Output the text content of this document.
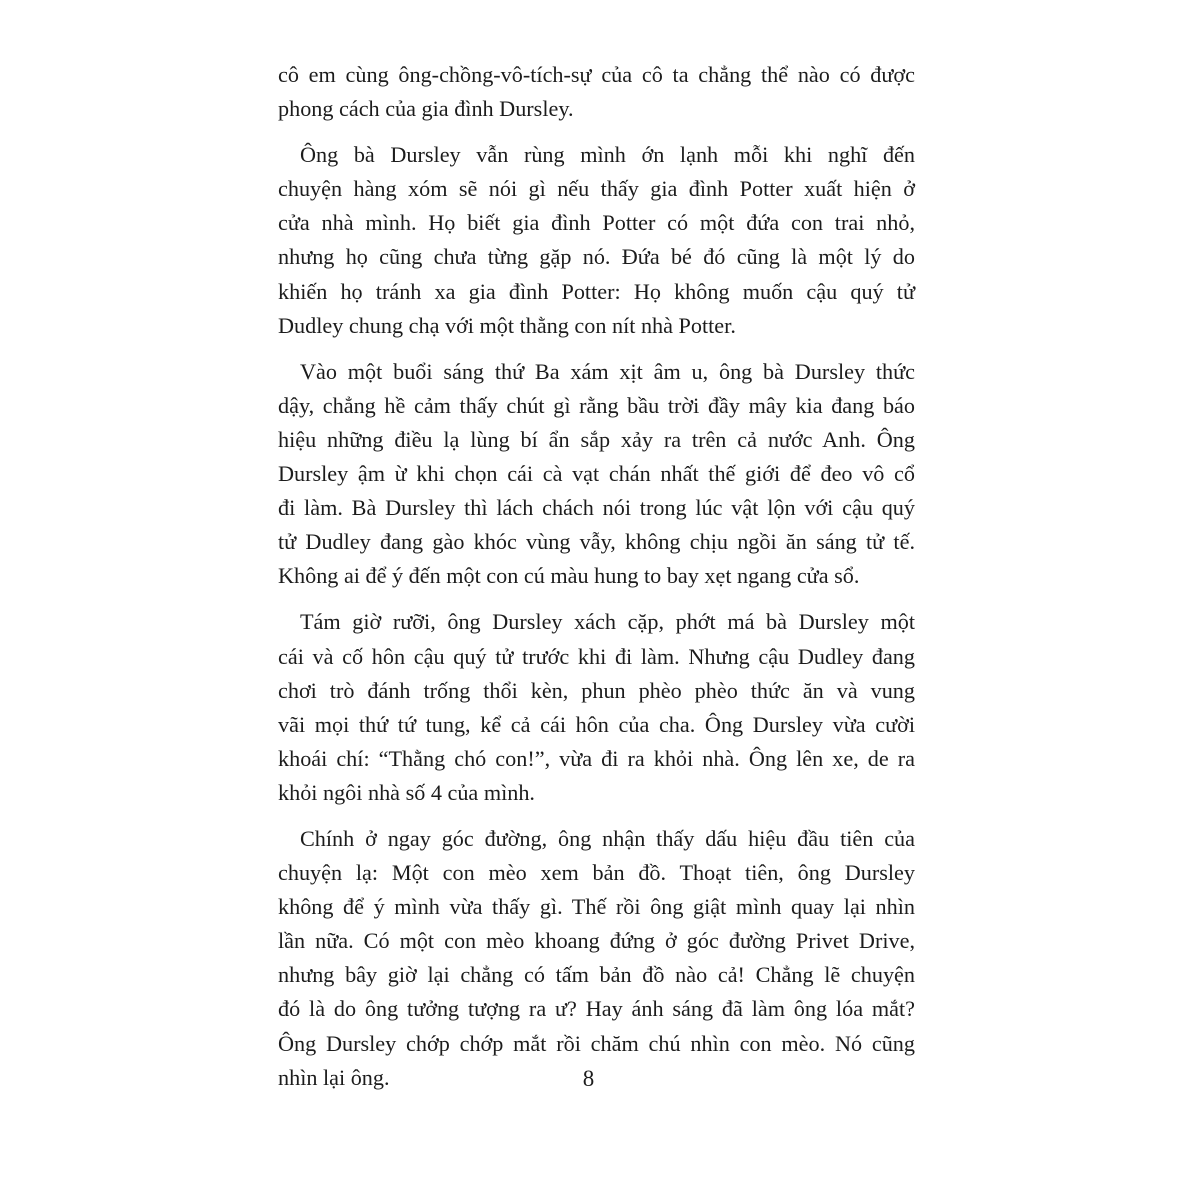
cô em cùng ông-chồng-vô-tích-sự của cô ta chẳng thể nào có được
phong cách của gia đình Dursley.
Ông bà Dursley vẫn rùng mình ớn lạnh mỗi khi nghĩ đến
chuyện hàng xóm sẽ nói gì nếu thấy gia đình Potter xuất hiện ở
cửa nhà mình. Họ biết gia đình Potter có một đứa con trai nhỏ,
nhưng họ cũng chưa từng gặp nó. Đứa bé đó cũng là một lý do
khiến họ tránh xa gia đình Potter: Họ không muốn cậu quý tử
Dudley chung chạ với một thằng con nít nhà Potter.
Vào một buổi sáng thứ Ba xám xịt âm u, ông bà Dursley thức
dậy, chẳng hề cảm thấy chút gì rằng bầu trời đầy mây kia đang báo
hiệu những điều lạ lùng bí ẩn sắp xảy ra trên cả nước Anh. Ông
Dursley ậm ừ khi chọn cái cà vạt chán nhất thế giới để đeo vô cổ
đi làm. Bà Dursley thì lách chách nói trong lúc vật lộn với cậu quý
tử Dudley đang gào khóc vùng vẫy, không chịu ngồi ăn sáng tử tế.
Không ai để ý đến một con cú màu hung to bay xẹt ngang cửa sổ.
Tám giờ rưỡi, ông Dursley xách cặp, phớt má bà Dursley một
cái và cố hôn cậu quý tử trước khi đi làm. Nhưng cậu Dudley đang
chơi trò đánh trống thổi kèn, phun phèo phèo thức ăn và vung
vãi mọi thứ tứ tung, kể cả cái hôn của cha. Ông Dursley vừa cười
khoái chí: “Thằng chó con!”, vừa đi ra khỏi nhà. Ông lên xe, de ra
khỏi ngôi nhà số 4 của mình.
Chính ở ngay góc đường, ông nhận thấy dấu hiệu đầu tiên của
chuyện lạ: Một con mèo xem bản đồ. Thoạt tiên, ông Dursley
không để ý mình vừa thấy gì. Thế rồi ông giật mình quay lại nhìn
lần nữa. Có một con mèo khoang đứng ở góc đường Privet Drive,
nhưng bây giờ lại chẳng có tấm bản đồ nào cả! Chẳng lẽ chuyện
đó là do ông tưởng tượng ra ư? Hay ánh sáng đã làm ông lóa mắt?
Ông Dursley chớp chớp mắt rồi chăm chú nhìn con mèo. Nó cũng
nhìn lại ông.	8
